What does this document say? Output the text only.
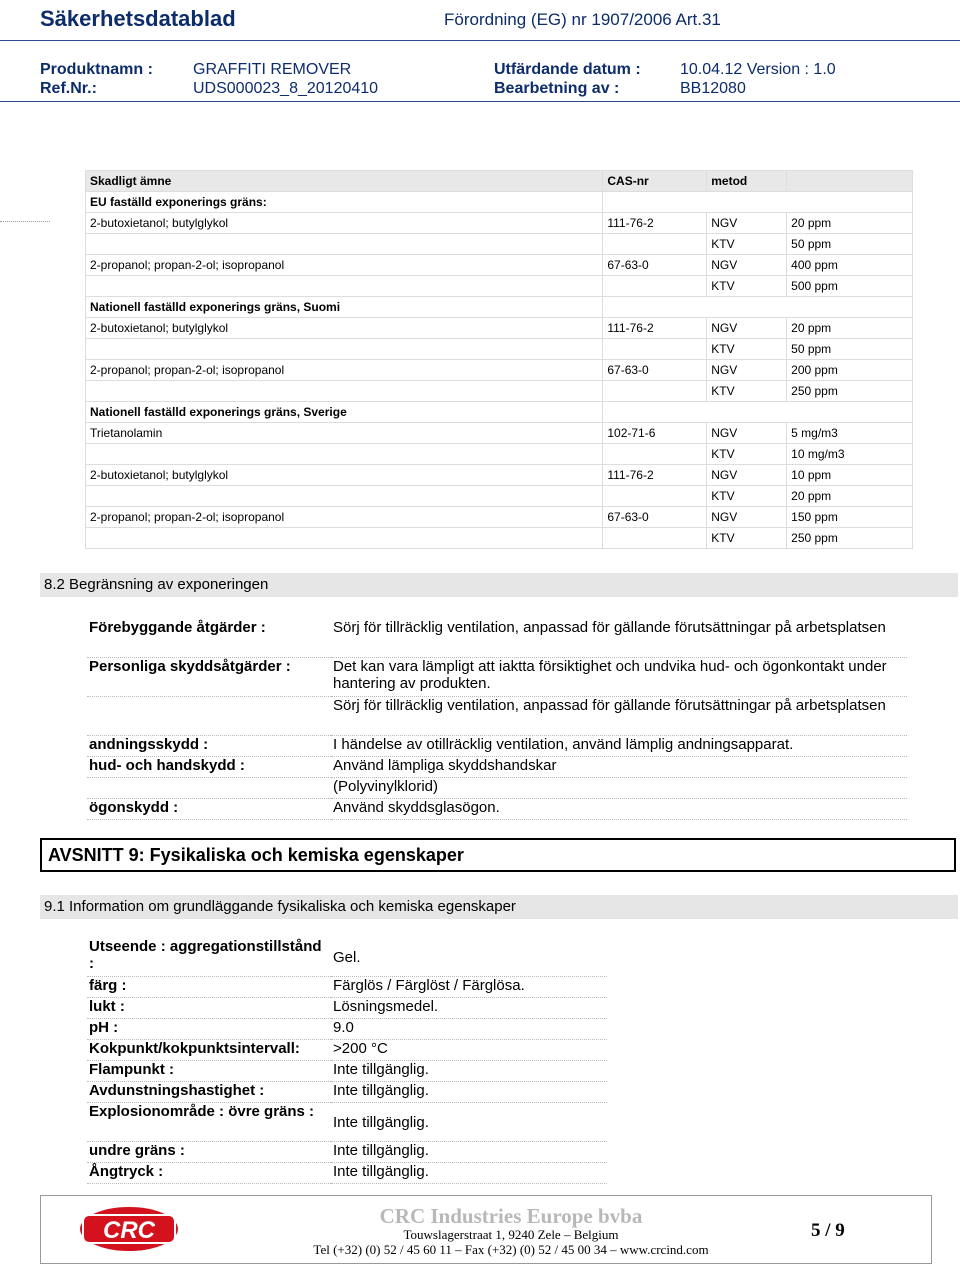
Säkerhetsdatablad	Förordning (EG) nr 1907/2006 Art.31
Produktnamn :	GRAFFITI REMOVER	Utfärdande datum : 10.04.12 Version : 1.0
Ref.Nr.:	UDS000023_8_20120410	Bearbetning av :	BB12080
Skadligt ämne	CAS-nr	metod	
EU faställd exponerings gräns:			
2-butoxietanol; butylglykol	111-76-2	NGV	20 ppm
		KTV	50 ppm
2-propanol; propan-2-ol; isopropanol	67-63-0	NGV	400 ppm
		KTV	500 ppm
Nationell faställd exponerings gräns, Suomi			
2-butoxietanol; butylglykol	111-76-2	NGV	20 ppm
		KTV	50 ppm
2-propanol; propan-2-ol; isopropanol	67-63-0	NGV	200 ppm
		KTV	250 ppm
Nationell faställd exponerings gräns, Sverige			
Trietanolamin	102-71-6	NGV	5 mg/m3
		KTV	10 mg/m3
2-butoxietanol; butylglykol	111-76-2	NGV	10 ppm
		KTV	20 ppm
2-propanol; propan-2-ol; isopropanol	67-63-0	NGV	150 ppm
		KTV	250 ppm
8.2 Begränsning av exponeringen
Förebyggande åtgärder :	Sörj för tillräcklig ventilation, anpassad för gällande förutsättningar på arbetsplatsen
Personliga skyddsåtgärder :	Det kan vara lämpligt att iaktta försiktighet och undvika hud- och ögonkontakt under hantering av produkten.
	Sörj för tillräcklig ventilation, anpassad för gällande förutsättningar på arbetsplatsen
andningsskydd :	I händelse av otillräcklig ventilation, använd lämplig andningsapparat.
hud- och handskydd :	Använd lämpliga skyddshandskar
	(Polyvinylklorid)
ögonskydd :	Använd skyddsglasögon.
AVSNITT 9: Fysikaliska och kemiska egenskaper
9.1 Information om grundläggande fysikaliska och kemiska egenskaper
Utseende : aggregationstillstånd :	Gel.
färg :	Färglös / Färglöst / Färglösa.
lukt :	Lösningsmedel.
pH :	9.0
Kokpunkt/kokpunktsintervall:	>200 °C
Flampunkt :	Inte tillgänglig.
Avdunstningshastighet :	Inte tillgänglig.
Explosionområde : övre gräns :	Inte tillgänglig.
undre gräns :	Inte tillgänglig.
Ångtryck :	Inte tillgänglig.
CRC
CRC Industries Europe bvba
Touwslagerstraat 1, 9240 Zele – Belgium
Tel (+32) (0) 52 / 45 60 11 – Fax (+32) (0) 52 / 45 00 34 – www.crcind.com
5 / 9
